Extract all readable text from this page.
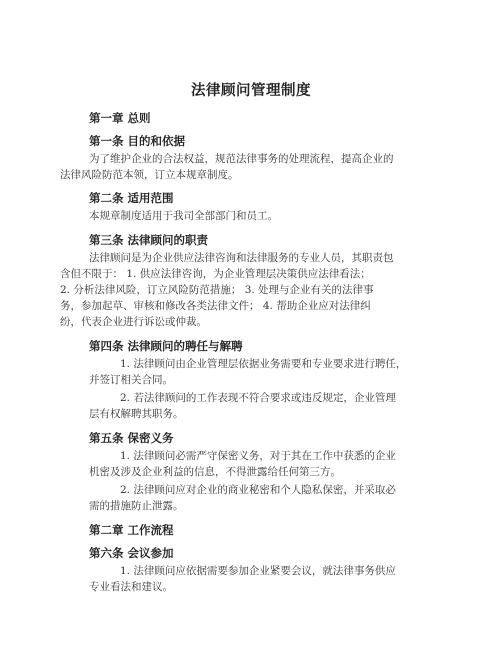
法律顾问管理制度
第一章 总则
第一条 目的和依据
为了维护企业的合法权益，规范法律事务的处理流程，提高企业的
法律风险防范本领，订立本规章制度。
第二条 适用范围
本规章制度适用于我司全部部门和员工。
第三条 法律顾问的职责
法律顾问是为企业供应法律咨询和法律服务的专业人员，其职责包
含但不限于： 1. 供应法律咨询，为企业管理层决策供应法律看法；
2. 分析法律风险，订立风险防范措施； 3. 处理与企业有关的法律事
务，参加起草、审核和修改各类法律文件； 4. 帮助企业应对法律纠
纷，代表企业进行诉讼或仲裁。
第四条 法律顾问的聘任与解聘
1. 法律顾问由企业管理层依据业务需要和专业要求进行聘任，
并签订相关合同。
2. 若法律顾问的工作表现不符合要求或违反规定，企业管理
层有权解聘其职务。
第五条 保密义务
1. 法律顾问必需严守保密义务，对于其在工作中获悉的企业
机密及涉及企业利益的信息，不得泄露给任何第三方。
2. 法律顾问应对企业的商业秘密和个人隐私保密，并采取必
需的措施防止泄露。
第二章 工作流程
第六条 会议参加
1. 法律顾问应依据需要参加企业紧要会议，就法律事务供应
专业看法和建议。
